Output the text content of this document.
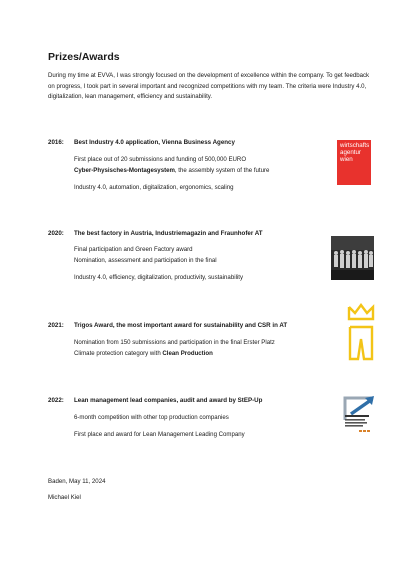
Prizes/Awards
During my time at EVVA, I was strongly focused on the development of excellence within the company. To get feedback on progress, I took part in several important and recognized competitions with my team. The criteria were Industry 4.0, digitalization, lean management, efficiency and sustainability.
2016: Best Industry 4.0 application, Vienna Business Agency
First place out of 20 submissions and funding of 500,000 EURO
Cyber-Physisches-Montagesystem, the assembly system of the future
Industry 4.0, automation, digitalization, ergonomics, scaling
wirtschafts
agentur
wien
2020: The best factory in Austria, Industriemagazin and Fraunhofer AT
Final participation and Green Factory award
Nomination, assessment and participation in the final
Industry 4.0, efficiency, digitalization, productivity, sustainability
2021: Trigos Award, the most important award for sustainability and CSR in AT
Nomination from 150 submissions and participation in the final Erster Platz
Climate protection category with Clean Production
2022: Lean management lead companies, audit and award by StEP-Up
6-month competition with other top production companies
First place and award for Lean Management Leading Company
Baden, May 11, 2024
Michael Kiel
